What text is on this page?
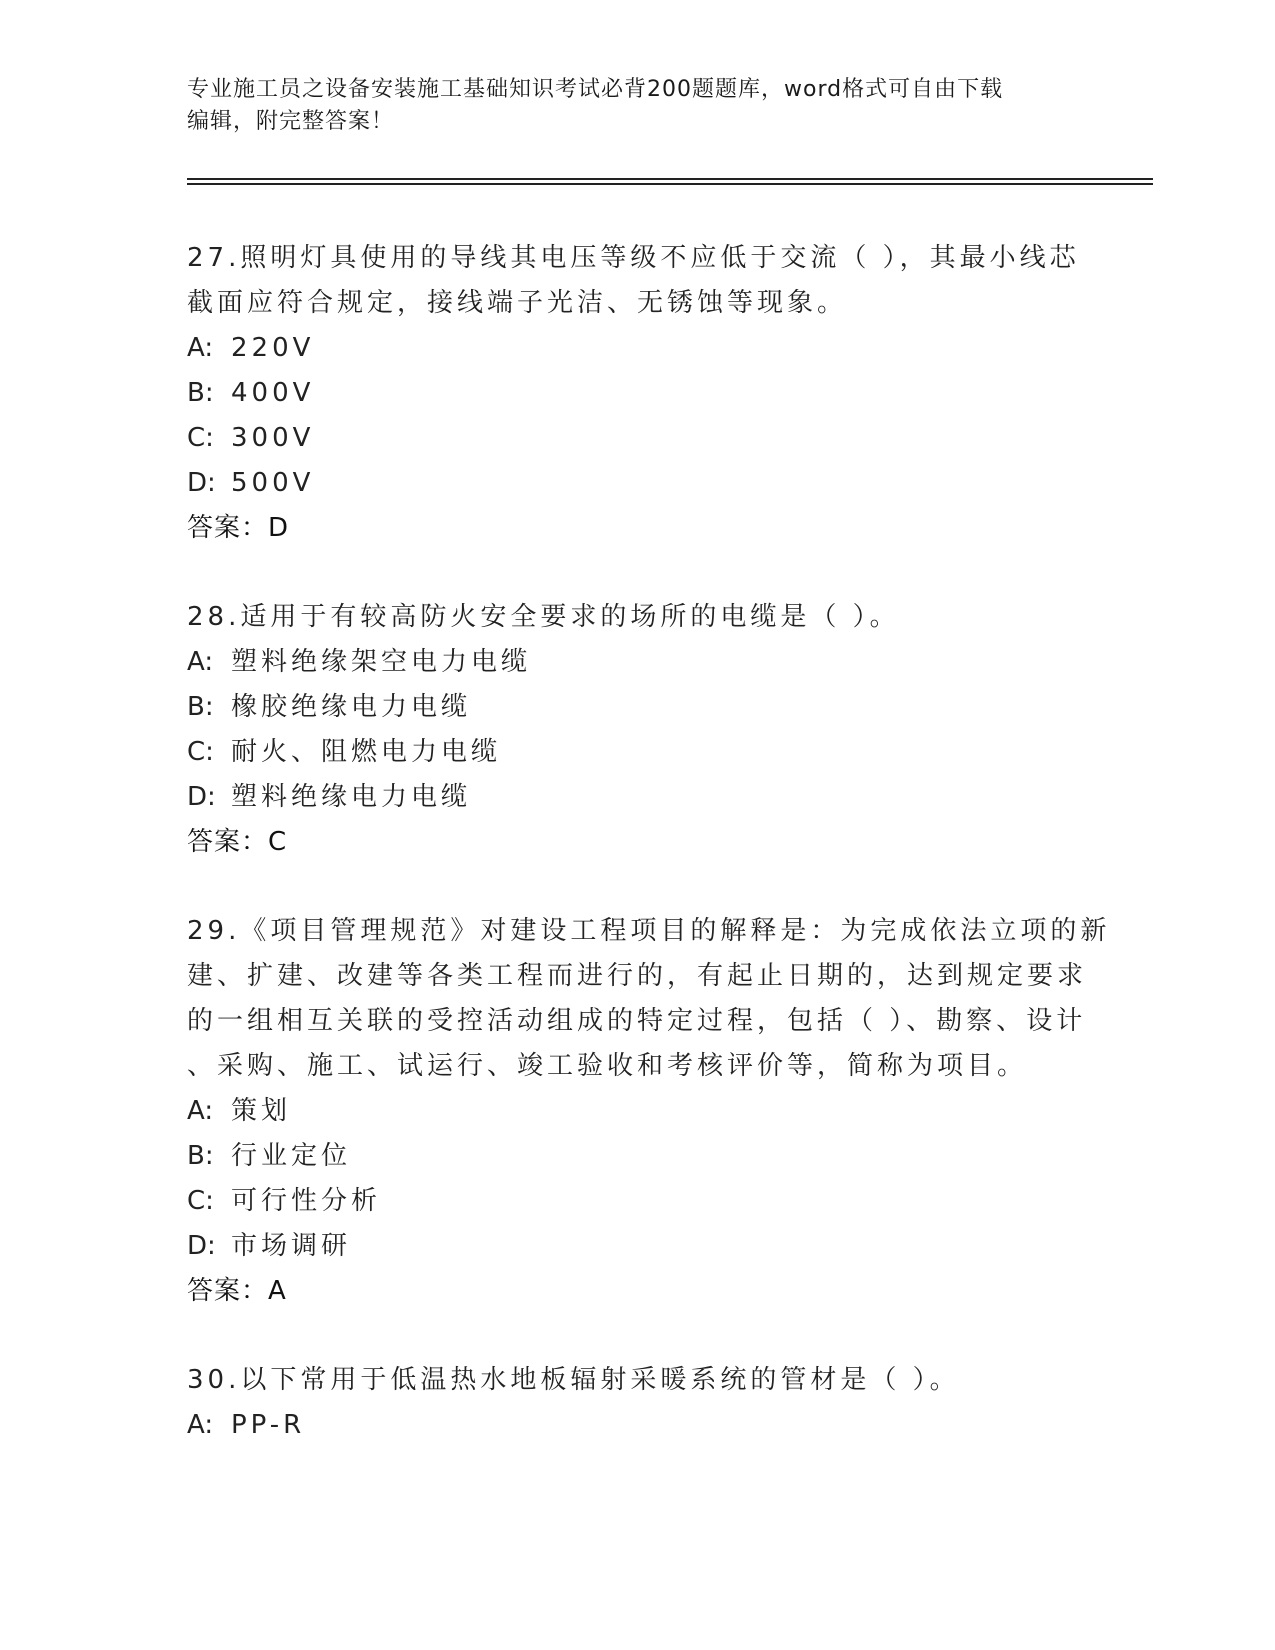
专业施工员之设备安装施工基础知识考试必背200题题库，word格式可自由下载
编辑，附完整答案！
27.照明灯具使用的导线其电压等级不应低于交流（ ），其最小线芯
截面应符合规定，接线端子光洁、无锈蚀等现象。
A: 220V
B: 400V
C: 300V
D: 500V
答案：D
28.适用于有较高防火安全要求的场所的电缆是（ ）。
A: 塑料绝缘架空电力电缆
B: 橡胶绝缘电力电缆
C: 耐火、阻燃电力电缆
D: 塑料绝缘电力电缆
答案：C
29.《项目管理规范》对建设工程项目的解释是：为完成依法立项的新
建、扩建、改建等各类工程而进行的，有起止日期的，达到规定要求
的一组相互关联的受控活动组成的特定过程，包括（ ）、勘察、设计
、采购、施工、试运行、竣工验收和考核评价等，简称为项目。
A: 策划
B: 行业定位
C: 可行性分析
D: 市场调研
答案：A
30.以下常用于低温热水地板辐射采暖系统的管材是（ ）。
A: PP-R
